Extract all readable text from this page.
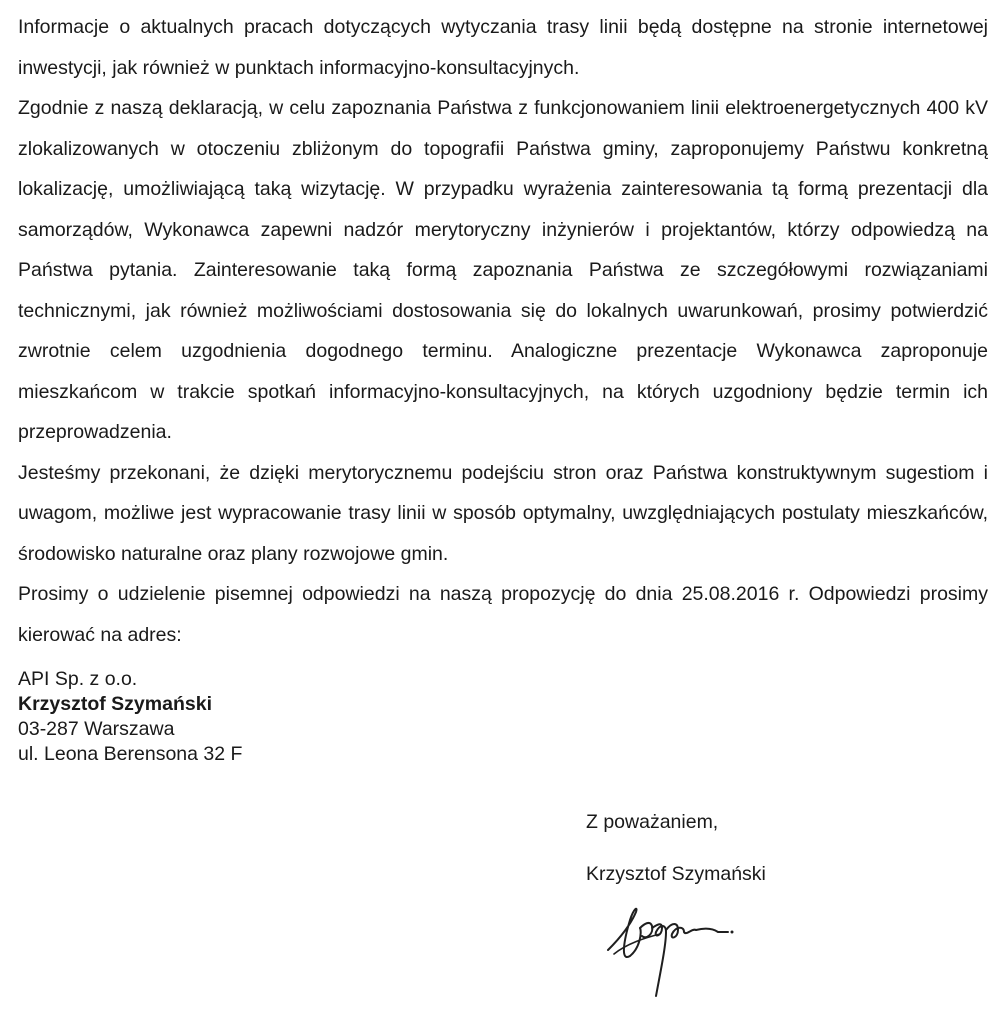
Informacje o aktualnych pracach dotyczących wytyczania trasy linii będą dostępne na stronie internetowej inwestycji, jak również w punktach informacyjno-konsultacyjnych.

Zgodnie z naszą deklaracją, w celu zapoznania Państwa z funkcjonowaniem linii elektroenergetycznych 400 kV zlokalizowanych w otoczeniu zbliżonym do topografii Państwa gminy, zaproponujemy Państwu konkretną lokalizację, umożliwiającą taką wizytację. W przypadku wyrażenia zainteresowania tą formą prezentacji dla samorządów, Wykonawca zapewni nadzór merytoryczny inżynierów i projektantów, którzy odpowiedzą na Państwa pytania. Zainteresowanie taką formą zapoznania Państwa ze szczegółowymi rozwiązaniami technicznymi, jak również możliwościami dostosowania się do lokalnych uwarunkowań, prosimy potwierdzić zwrotnie celem uzgodnienia dogodnego terminu. Analogiczne prezentacje Wykonawca zaproponuje mieszkańcom w trakcie spotkań informacyjno-konsultacyjnych, na których uzgodniony będzie termin ich przeprowadzenia.

Jesteśmy przekonani, że dzięki merytorycznemu podejściu stron oraz Państwa konstruktywnym sugestiom i uwagom, możliwe jest wypracowanie trasy linii w sposób optymalny, uwzględniających postulaty mieszkańców, środowisko naturalne oraz plany rozwojowe gmin.

Prosimy o udzielenie pisemnej odpowiedzi na naszą propozycję do dnia 25.08.2016 r. Odpowiedzi prosimy kierować na adres:

API Sp. z o.o.
Krzysztof Szymański
03-287 Warszawa
ul. Leona Berensona 32 F
Z poważaniem,
Krzysztof Szymański
